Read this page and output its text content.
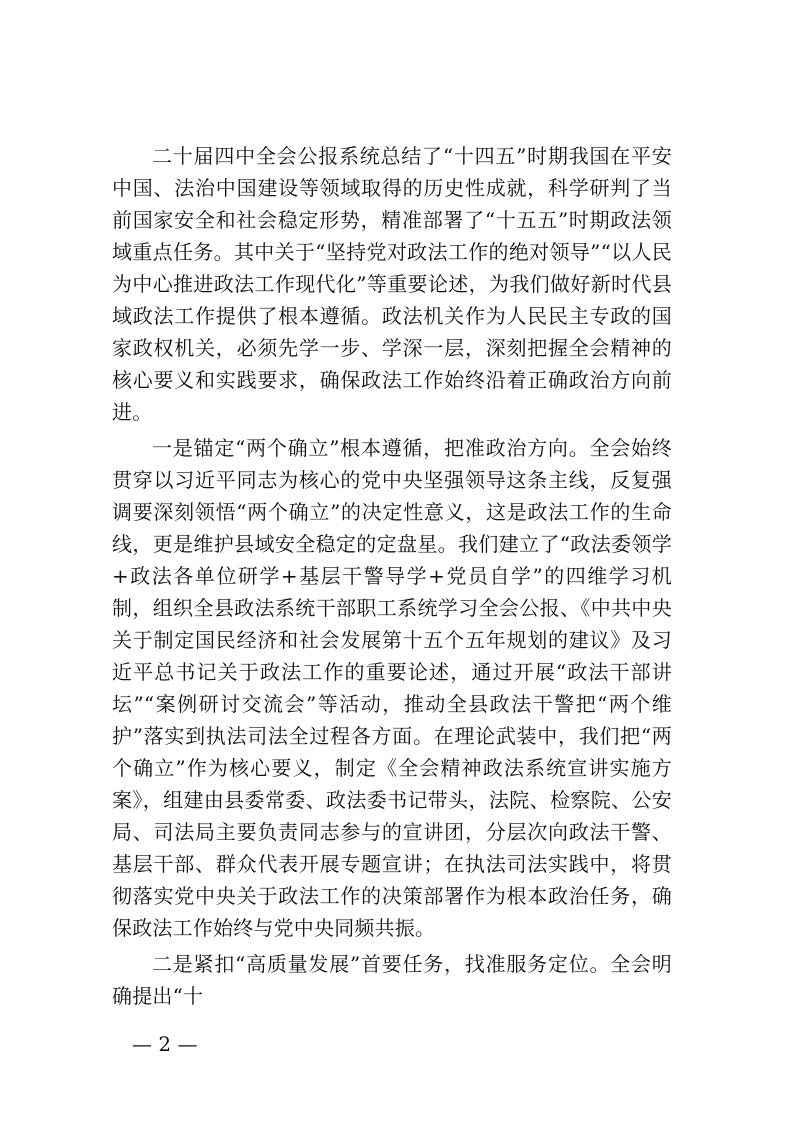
二十届四中全会公报系统总结了“十四五”时期我国在平安中国、法治中国建设等领域取得的历史性成就，科学研判了当前国家安全和社会稳定形势，精准部署了“十五五”时期政法领域重点任务。其中关于“坚持党对政法工作的绝对领导”“以人民为中心推进政法工作现代化”等重要论述，为我们做好新时代县域政法工作提供了根本遵循。政法机关作为人民民主专政的国家政权机关，必须先学一步、学深一层，深刻把握全会精神的核心要义和实践要求，确保政法工作始终沿着正确政治方向前进。

一是锚定“两个确立”根本遵循，把准政治方向。全会始终贯穿以习近平同志为核心的党中央坚强领导这条主线，反复强调要深刻领悟“两个确立”的决定性意义，这是政法工作的生命线，更是维护县域安全稳定的定盘星。我们建立了“政法委领学+政法各单位研学+基层干警导学+党员自学”的四维学习机制，组织全县政法系统干部职工系统学习全会公报、《中共中央关于制定国民经济和社会发展第十五个五年规划的建议》及习近平总书记关于政法工作的重要论述，通过开展“政法干部讲坛”“案例研讨交流会”等活动，推动全县政法干警把“两个维护”落实到执法司法全过程各方面。在理论武装中，我们把“两个确立”作为核心要义，制定《全会精神政法系统宣讲实施方案》，组建由县委常委、政法委书记带头，法院、检察院、公安局、司法局主要负责同志参与的宣讲团，分层次向政法干警、基层干部、群众代表开展专题宣讲；在执法司法实践中，将贯彻落实党中央关于政法工作的决策部署作为根本政治任务，确保政法工作始终与党中央同频共振。

二是紧扣“高质量发展”首要任务，找准服务定位。全会明确提出“十

— 2 —
